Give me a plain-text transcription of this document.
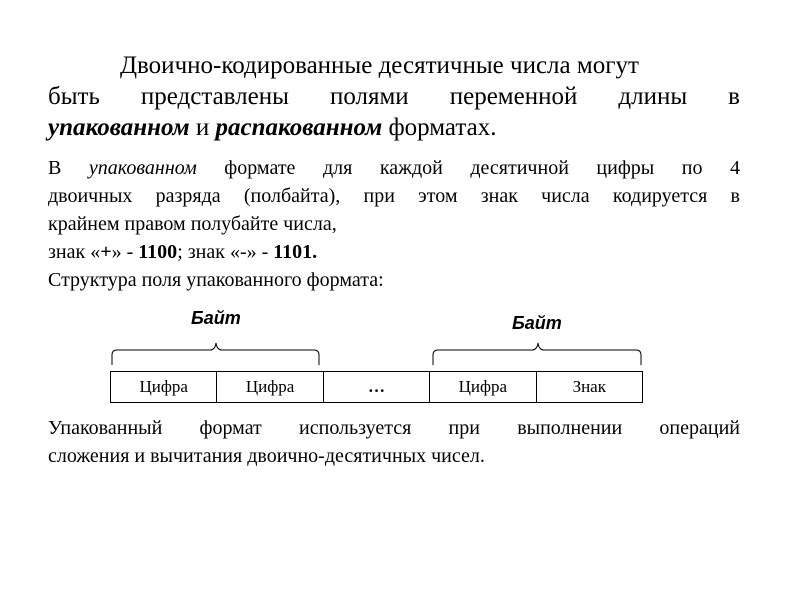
Двоично-кодированные десятичные числа могут
быть представлены полями переменной длины в
упакованном и распакованном форматах.
В упакованном формате для каждой десятичной цифры по 4
двоичных разряда (полбайта), при этом знак числа кодируется в
крайнем правом полубайте числа,
знак «+» - 1100; знак «-» - 1101.
Структура поля упакованного формата:
Байт	Байт
Цифра	Цифра	…	Цифра	Знак
Упакованный формат используется при выполнении операций
сложения и вычитания двоично-десятичных чисел.
